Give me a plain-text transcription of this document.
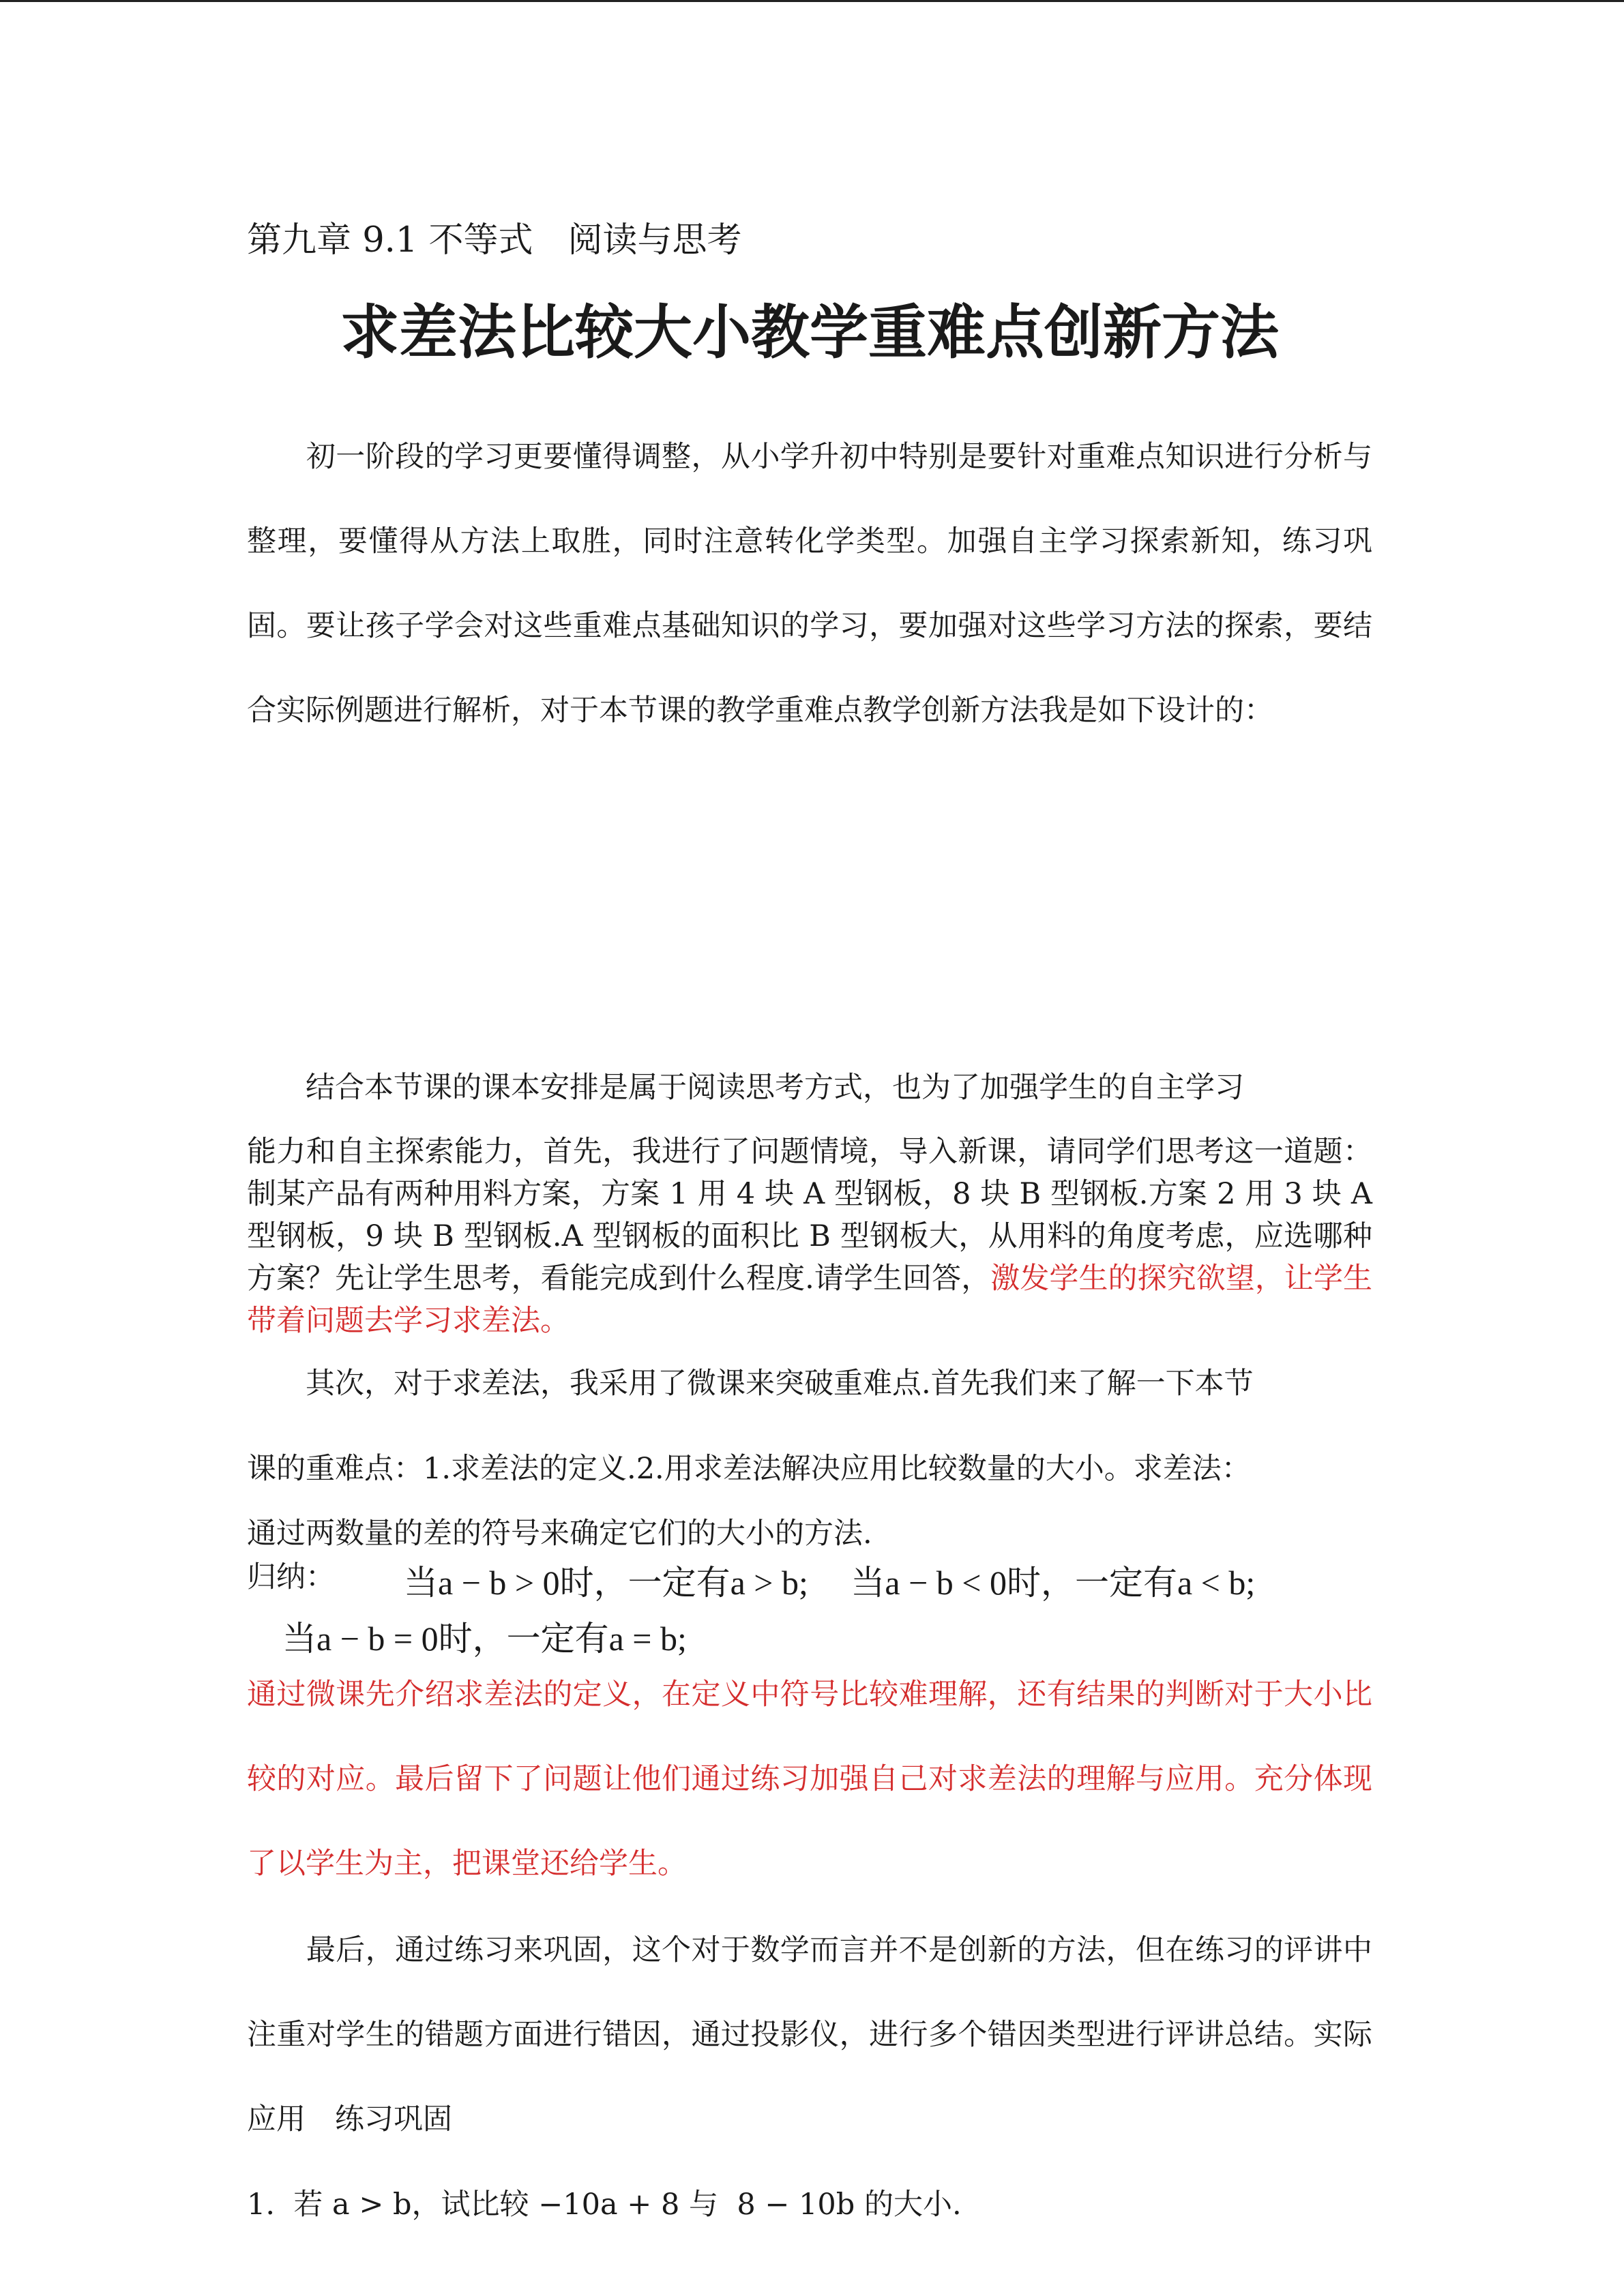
第九章 9.1 不等式　阅读与思考
求差法比较大小教学重难点创新方法
　　初一阶段的学习更要懂得调整，从小学升初中特别是要针对重难点知识进行分析与整理，要懂得从方法上取胜，同时注意转化学类型。加强自主学习探索新知，练习巩固。要让孩子学会对这些重难点基础知识的学习，要加强对这些学习方法的探索，要结合实际例题进行解析，对于本节课的教学重难点教学创新方法我是如下设计的：
结合本节课的课本安排是属于阅读思考方式，也为了加强学生的自主学习
能力和自主探索能力，首先，我进行了问题情境，导入新课，请同学们思考这一道题：制某产品有两种用料方案，方案 1 用 4 块 A 型钢板，8 块 B 型钢板.方案 2 用 3 块 A 型钢板，9 块 B 型钢板.A 型钢板的面积比 B 型钢板大，从用料的角度考虑，应选哪种方案？先让学生思考，看能完成到什么程度.请学生回答，激发学生的探究欲望，让学生带着问题去学习求差法。
其次，对于求差法，我采用了微课来突破重难点.首先我们来了解一下本节
课的重难点：1.求差法的定义.2.用求差法解决应用比较数量的大小。求差法：
通过两数量的差的符号来确定它们的大小的方法.
归纳： 当a − b > 0时，一定有a > b;　 当a − b < 0时，一定有a < b;
当a − b = 0时，一定有a = b;
通过微课先介绍求差法的定义，在定义中符号比较难理解，还有结果的判断对于大小比较的对应。最后留下了问题让他们通过练习加强自己对求差法的理解与应用。充分体现了以学生为主，把课堂还给学生。
　　最后，通过练习来巩固，这个对于数学而言并不是创新的方法，但在练习的评讲中注重对学生的错题方面进行错因，通过投影仪，进行多个错因类型进行评讲总结。实际应用　练习巩固
1.  若 a > b，试比较 −10a + 8 与  8 − 10b 的大小.
